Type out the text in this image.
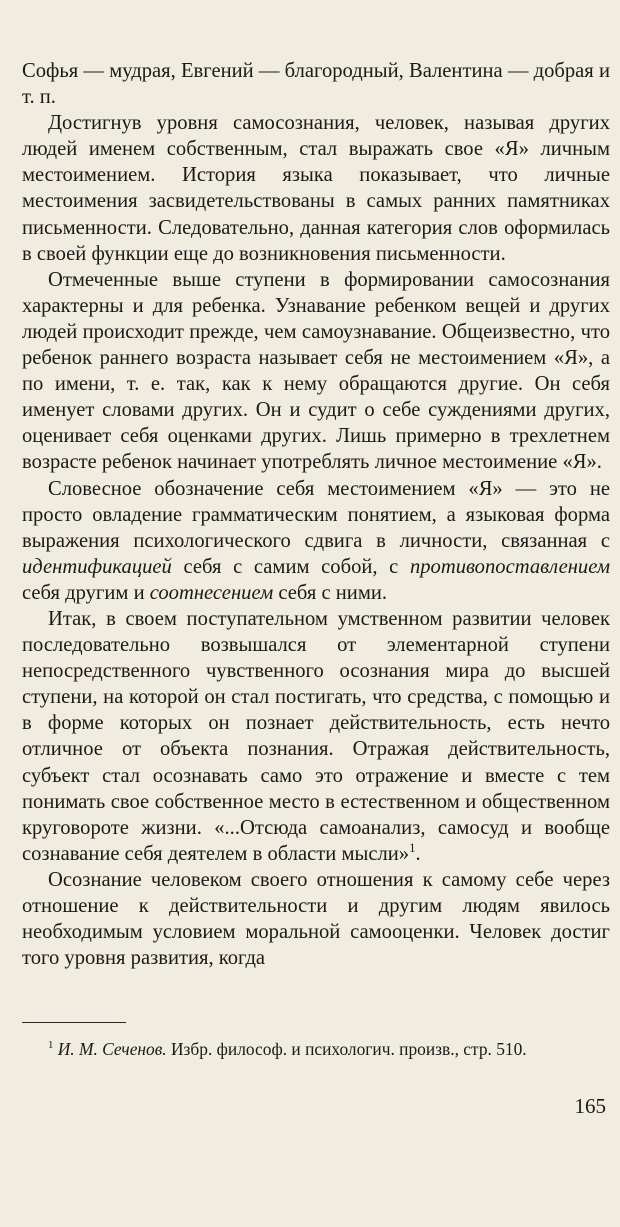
Софья — мудрая, Евгений — благородный, Валентина — добрая и т. п.

Достигнув уровня самосознания, человек, называя других людей именем собственным, стал выражать свое «Я» личным местоимением. История языка показывает, что личные местоимения засвидетельствованы в самых ранних памятниках письменности. Следовательно, данная категория слов оформилась в своей функции еще до возникновения письменности.

Отмеченные выше ступени в формировании самосознания характерны и для ребенка. Узнавание ребенком вещей и других людей происходит прежде, чем самоузнавание. Общеизвестно, что ребенок раннего возраста называет себя не местоимением «Я», а по имени, т. е. так, как к нему обращаются другие. Он себя именует словами других. Он и судит о себе суждениями других, оценивает себя оценками других. Лишь примерно в трехлетнем возрасте ребенок начинает употреблять личное местоимение «Я».

Словесное обозначение себя местоимением «Я» — это не просто овладение грамматическим понятием, а языковая форма выражения психологического сдвига в личности, связанная с идентификацией себя с самим собой, с противопоставлением себя другим и соотнесением себя с ними.

Итак, в своем поступательном умственном развитии человек последовательно возвышался от элементарной ступени непосредственного чувственного осознания мира до высшей ступени, на которой он стал постигать, что средства, с помощью и в форме которых он познает действительность, есть нечто отличное от объекта познания. Отражая действительность, субъект стал осознавать само это отражение и вместе с тем понимать свое собственное место в естественном и общественном круговороте жизни. «...Отсюда самоанализ, самосуд и вообще сознавание себя деятелем в области мысли»$^1$.

Осознание человеком своего отношения к самому себе через отношение к действительности и другим людям явилось необходимым условием моральной самооценки. Человек достиг того уровня развития, когда

$^1$ И. М. Сеченов. Избр. философ. и психологич. произв., стр. 510.

165
